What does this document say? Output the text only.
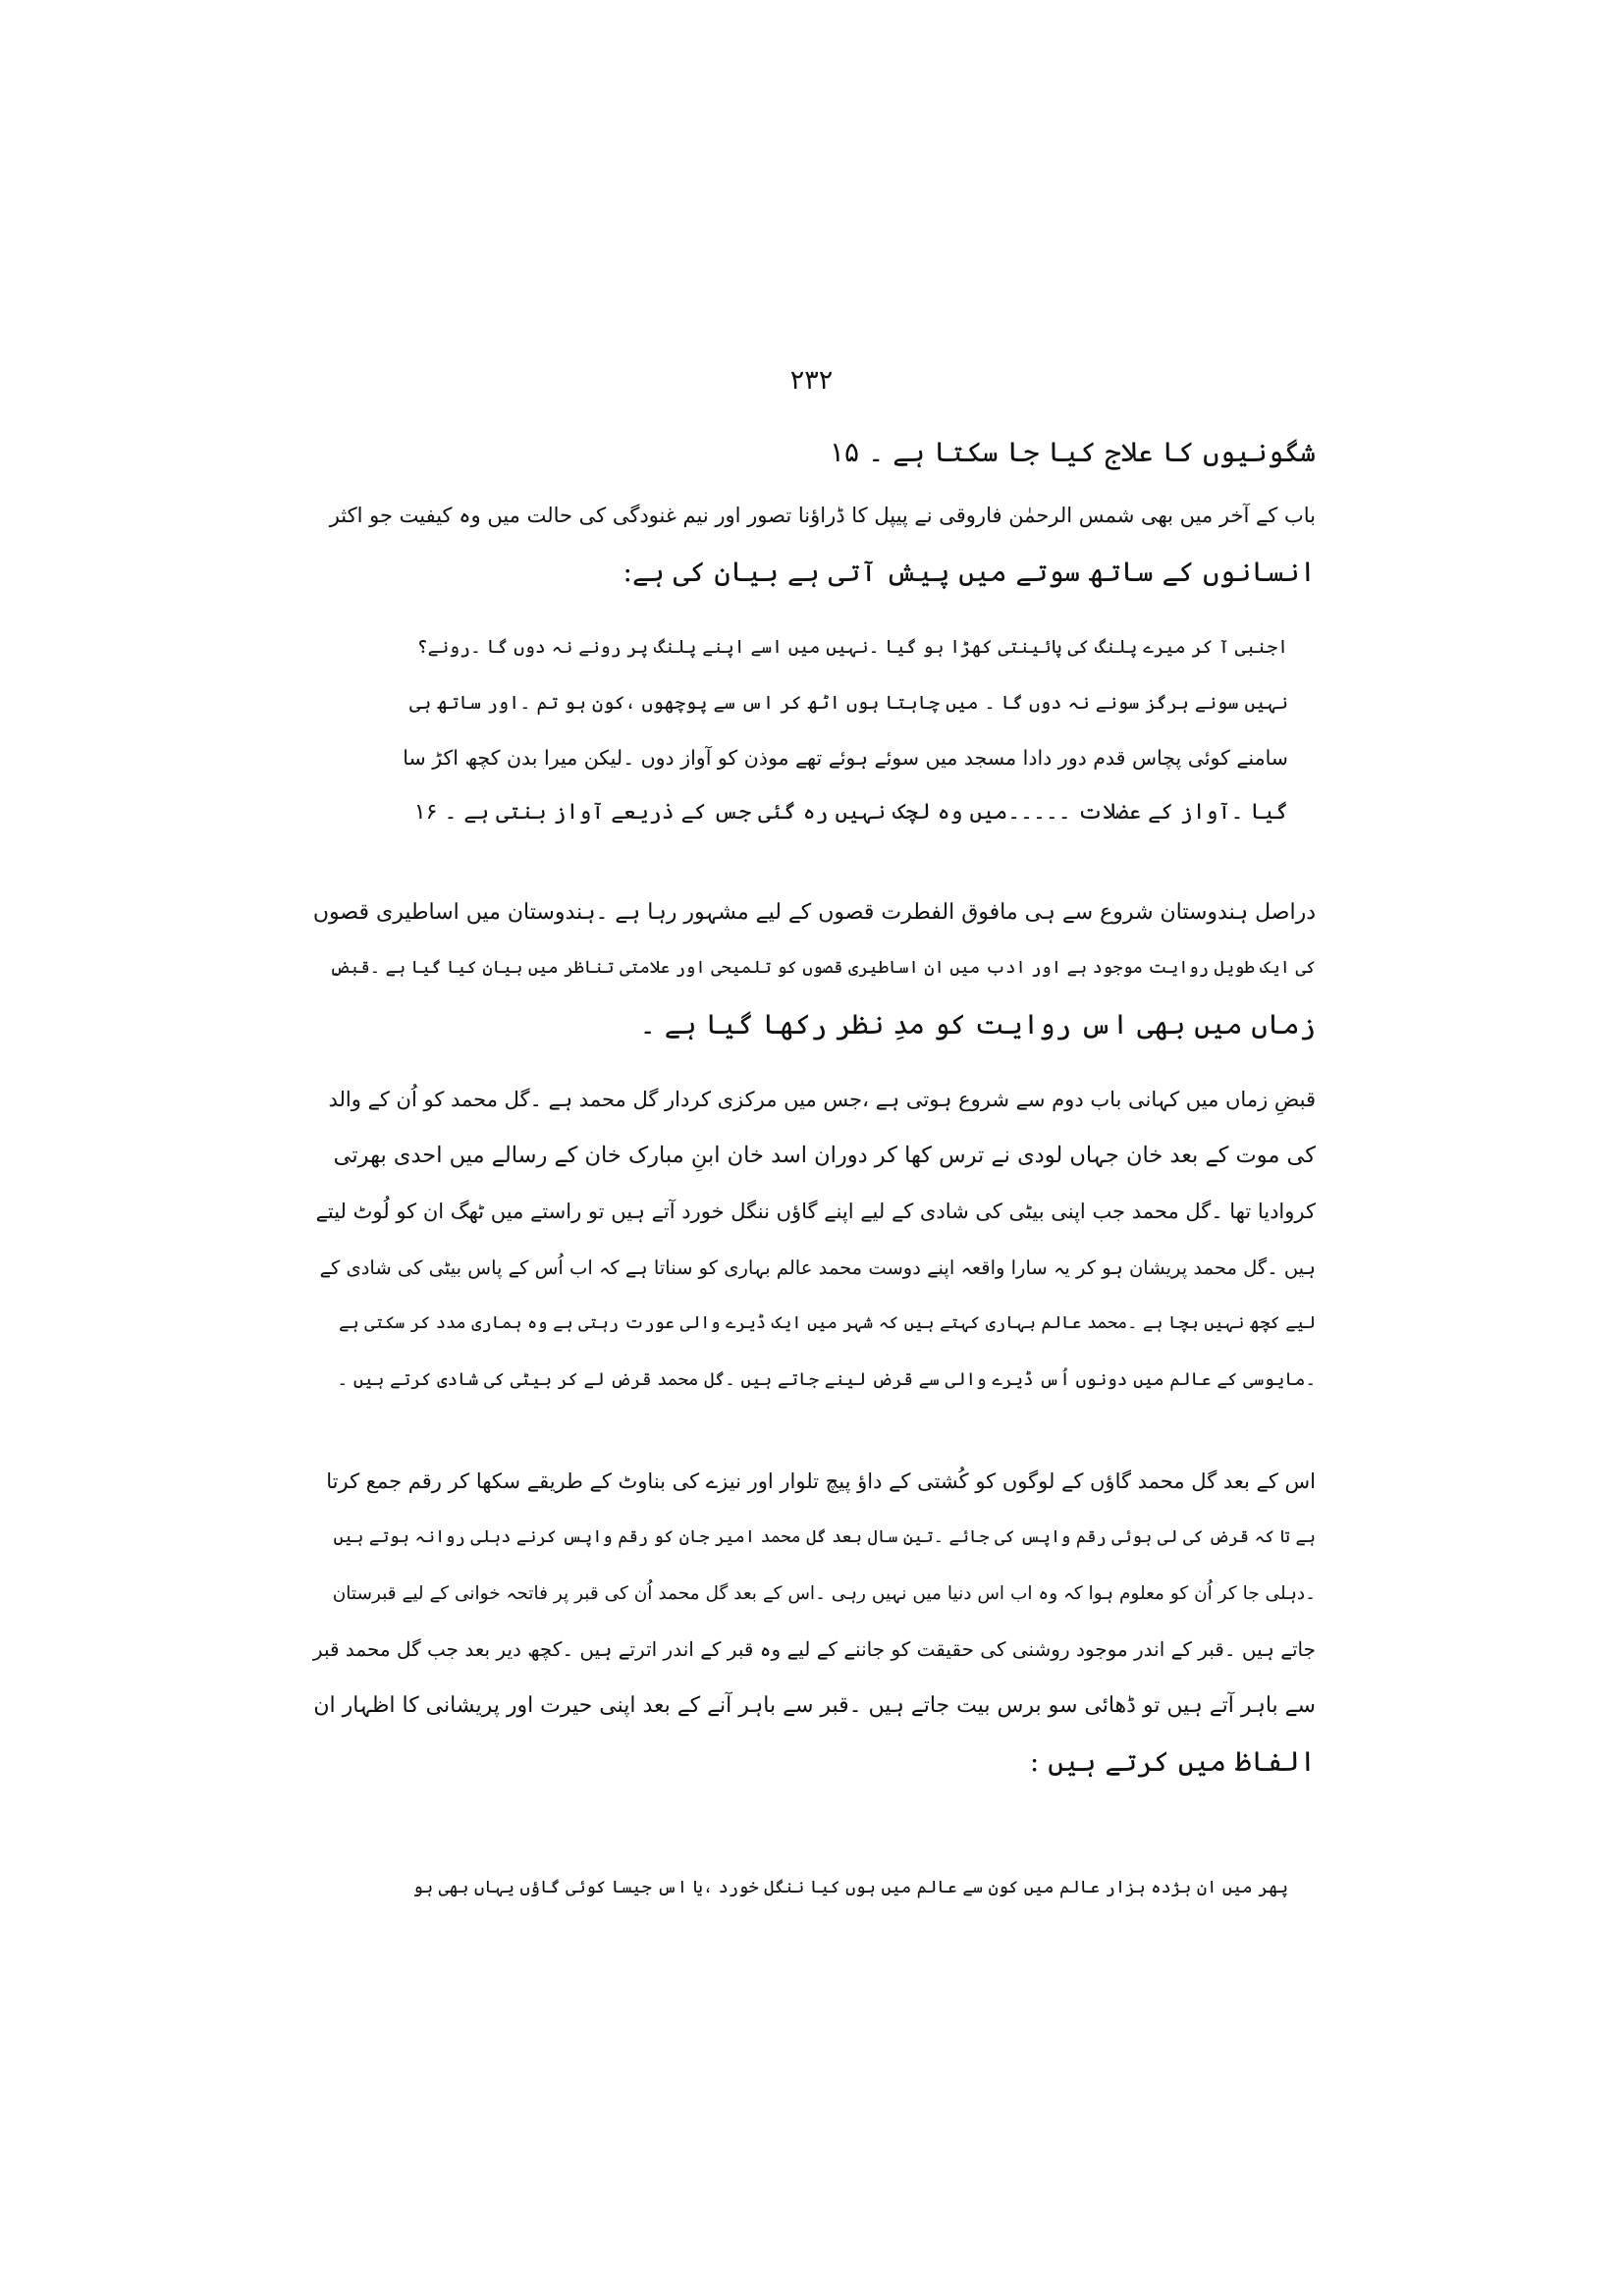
۲۳۲
شگونیوں کا علاج کیا جا سکتا ہے ۔ ۱۵
باب کے آخر میں بھی شمس الرحمٰن فاروقی نے پیپل کا ڈراؤنا تصور اور نیم غنودگی کی حالت میں وہ کیفیت جو اکثر
انسانوں کے ساتھ سوتے میں پیش آتی ہے بیان کی ہے:
اجنبی آ کر میرے پلنگ کی پائینتی کھڑا ہو گیا ۔نہیں میں اسے اپنے پلنگ پر رونے نہ دوں گا ۔رونے؟
نہیں سونے ہرگز سونے نہ دوں گا ۔ میں چاہتا ہوں اٹھ کر اس سے پوچھوں ،کون ہو تم ۔اور ساتھ ہی
سامنے کوئی پچاس قدم دور دادا مسجد میں سوئے ہوئے تھے موذن کو آواز دوں ۔لیکن میرا بدن کچھ اکڑ سا
گیا ۔آواز کے عضلات ۔۔۔۔۔میں وہ لچک نہیں رہ گئی جس کے ذریعے آواز بنتی ہے ۔ ۱۶
دراصل ہندوستان شروع سے ہی مافوق الفطرت قصوں کے لیے مشہور رہا ہے ۔ہندوستان میں اساطیری قصوں
کی ایک طویل روایت موجود ہے اور ادب میں ان اساطیری قصوں کو تلمیحی اور علامتی تناظر میں بیان کیا گیا ہے ۔قبضِ
زماں میں بھی اس روایت کو مدِ نظر رکھا گیا ہے ۔
قبضِ زماں میں کہانی باب دوم سے شروع ہوتی ہے ،جس میں مرکزی کردار گل محمد ہے ۔گل محمد کو اُن کے والد
کی موت کے بعد خان جہاں لودی نے ترس کھا کر دوران اسد خان ابنِ مبارک خان کے رسالے میں احدی بھرتی
کروادیا تھا ۔گل محمد جب اپنی بیٹی کی شادی کے لیے اپنے گاؤں ننگل خورد آتے ہیں تو راستے میں ٹھگ ان کو لُوٹ لیتے
ہیں ۔گل محمد پریشان ہو کر یہ سارا واقعہ اپنے دوست محمد عالم بہاری کو سناتا ہے کہ اب اُس کے پاس بیٹی کی شادی کے
لیے کچھ نہیں بچا ہے ۔محمد عالم بہاری کہتے ہیں کہ شہر میں ایک ڈیرے والی عورت رہتی ہے وہ ہماری مدد کر سکتی ہے
۔مایوسی کے عالم میں دونوں اُس ڈیرے والی سے قرض لینے جاتے ہیں ۔گل محمد قرض لے کر بیٹی کی شادی کرتے ہیں ۔
اس کے بعد گل محمد گاؤں کے لوگوں کو کُشتی کے داؤ پیچ تلوار اور نیزے کی بناوٹ کے طریقے سکھا کر رقم جمع کرتا
ہے تا کہ قرض کی لی ہوئی رقم واپس کی جائے ۔تین سال بعد گل محمد امیر جان کو رقم واپس کرنے دہلی روانہ ہوتے ہیں
۔دہلی جا کر اُن کو معلوم ہوا کہ وہ اب اس دنیا میں نہیں رہی ۔اس کے بعد گل محمد اُن کی قبر پر فاتحہ خوانی کے لیے قبرستان
جاتے ہیں ۔قبر کے اندر موجود روشنی کی حقیقت کو جاننے کے لیے وہ قبر کے اندر اترتے ہیں ۔کچھ دیر بعد جب گل محمد قبر
سے باہر آتے ہیں تو ڈھائی سو برس بیت جاتے ہیں ۔قبر سے باہر آنے کے بعد اپنی حیرت اور پریشانی کا اظہار ان
الفاظ میں کرتے ہیں :
پھر میں ان ہژدہ ہزار عالم میں کون سے عالم میں ہوں کیا ننگل خورد ،یا اس جیسا کوئی گاؤں یہاں بھی ہو
